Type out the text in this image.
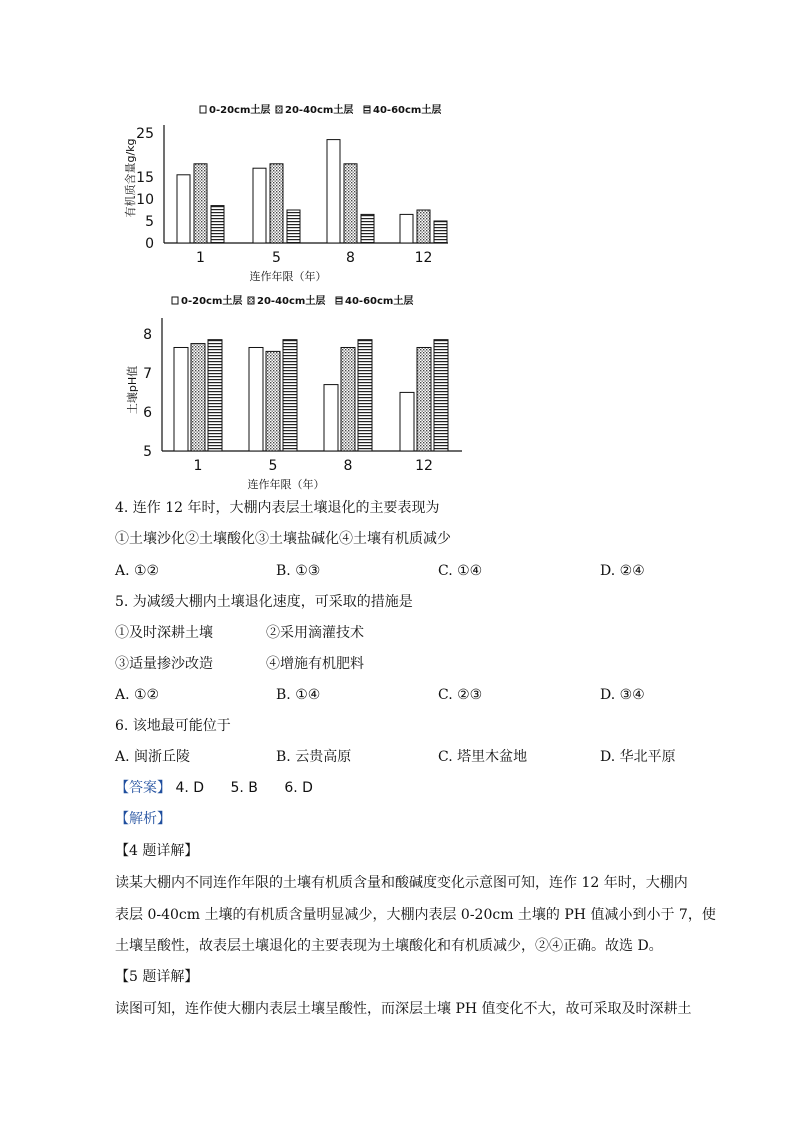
0-20cm土层 20-40cm土层 40-60cm土层
0
5
10
15
25
有机质含量g/kg
1	5	8	12
连作年限（年）
0-20cm土层 20-40cm土层 40-60cm土层
5
6
7
8
土壤pH值
1	5	8	12
连作年限（年）
4. 连作 12 年时，大棚内表层土壤退化的主要表现为
①土壤沙化②土壤酸化③土壤盐碱化④土壤有机质减少
A. ①②	B. ①③	C. ①④	D. ②④
5. 为减缓大棚内土壤退化速度，可采取的措施是
①及时深耕土壤	②采用滴灌技术
③适量掺沙改造	④增施有机肥料
A. ①②	B. ①④	C. ②③	D. ③④
6. 该地最可能位于
A. 闽浙丘陵	B. 云贵高原	C. 塔里木盆地	D. 华北平原
【答案】 4. D 5. B 6. D
【解析】
【4 题详解】
读某大棚内不同连作年限的土壤有机质含量和酸碱度变化示意图可知，连作 12 年时，大棚内
表层 0-40cm 土壤的有机质含量明显减少，大棚内表层 0-20cm 土壤的 PH 值减小到小于 7，使
土壤呈酸性，故表层土壤退化的主要表现为土壤酸化和有机质减少，②④正确。故选 D。
【5 题详解】
读图可知，连作使大棚内表层土壤呈酸性，而深层土壤 PH 值变化不大，故可采取及时深耕土
